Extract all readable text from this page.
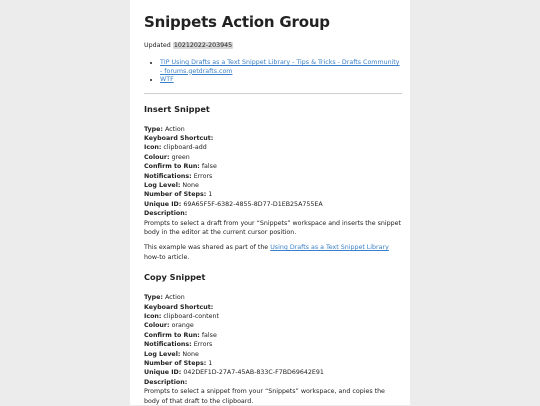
Snippets Action Group
Updated 10212022-203945
• TIP Using Drafts as a Text Snippet Library - Tips & Tricks - Drafts Community - forums.getdrafts.com
• WTF
Insert Snippet
Type: Action
Keyboard Shortcut:
Icon: clipboard-add
Colour: green
Confirm to Run: false
Notifications: Errors
Log Level: None
Number of Steps: 1
Unique ID: 69A65F5F-6382-4855-8D77-D1EB25A755EA
Description:

Prompts to select a draft from your “Snippets” workspace and inserts the snippet body in the editor at the current cursor position.

This example was shared as part of the Using Drafts as a Text Snippet Library how-to article.

Copy Snippet
Type: Action
Keyboard Shortcut:
Icon: clipboard-content
Colour: orange
Confirm to Run: false
Notifications: Errors
Log Level: None
Number of Steps: 1
Unique ID: 042DEF1D-27A7-45AB-833C-F7BD69642E91
Description:

Prompts to select a snippet from your “Snippets” workspace, and copies the body of that draft to the clipboard.
